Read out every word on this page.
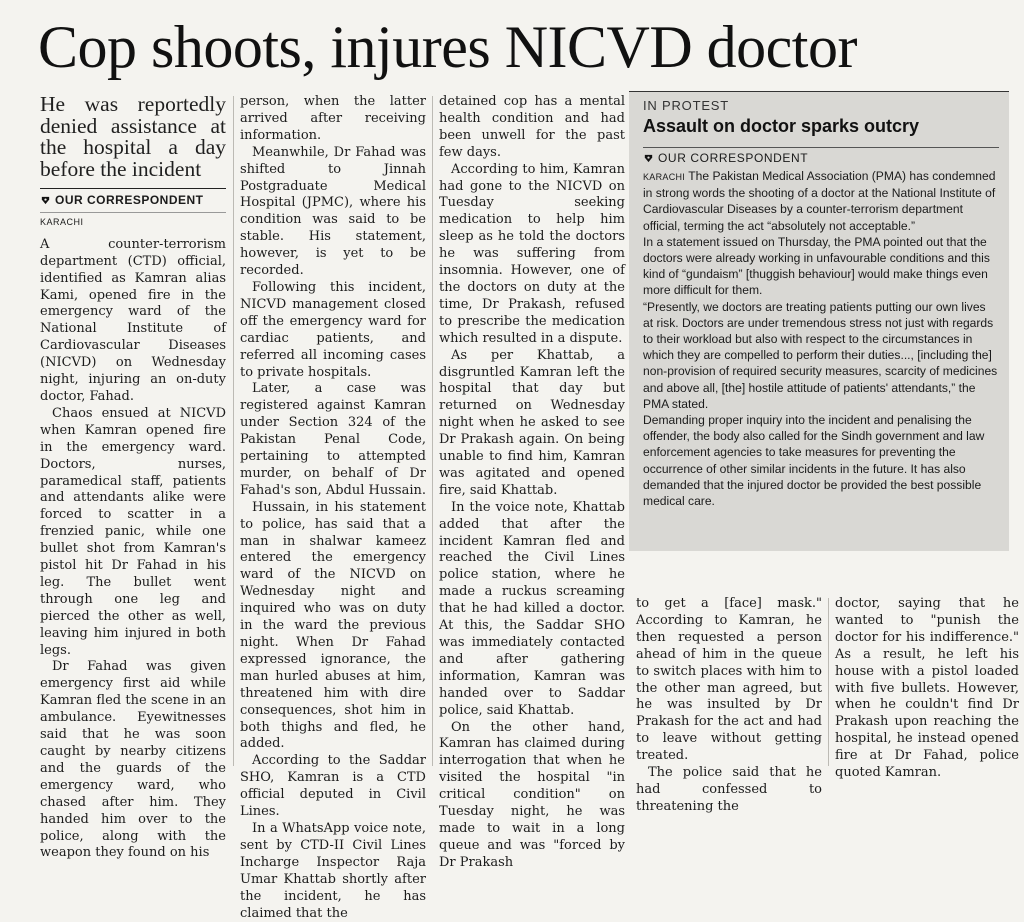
Cop shoots, injures NICVD doctor
He was reportedly denied assistance at the hospital a day before the incident
OUR CORRESPONDENT
KARACHI

A counter-terrorism department (CTD) official, identified as Kamran alias Kami, opened fire in the emergency ward of the National Institute of Cardiovascular Diseases (NICVD) on Wednesday night, injuring an on-duty doctor, Fahad.

Chaos ensued at NICVD when Kamran opened fire in the emergency ward. Doctors, nurses, paramedical staff, patients and attendants alike were forced to scatter in a frenzied panic, while one bullet shot from Kamran's pistol hit Dr Fahad in his leg. The bullet went through one leg and pierced the other as well, leaving him injured in both legs.

Dr Fahad was given emergency first aid while Kamran fled the scene in an ambulance. Eyewitnesses said that he was soon caught by nearby citizens and the guards of the emergency ward, who chased after him. They handed him over to the police, along with the weapon they found on his

person, when the latter arrived after receiving information.

Meanwhile, Dr Fahad was shifted to Jinnah Postgraduate Medical Hospital (JPMC), where his condition was said to be stable. His statement, however, is yet to be recorded.

Following this incident, NICVD management closed off the emergency ward for cardiac patients, and referred all incoming cases to private hospitals.

Later, a case was registered against Kamran under Section 324 of the Pakistan Penal Code, pertaining to attempted murder, on behalf of Dr Fahad's son, Abdul Hussain.

Hussain, in his statement to police, has said that a man in shalwar kameez entered the emergency ward of the NICVD on Wednesday night and inquired who was on duty in the ward the previous night. When Dr Fahad expressed ignorance, the man hurled abuses at him, threatened him with dire consequences, shot him in both thighs and fled, he added.

According to the Saddar SHO, Kamran is a CTD official deputed in Civil Lines.

In a WhatsApp voice note, sent by CTD-II Civil Lines Incharge Inspector Raja Umar Khattab shortly after the incident, he has claimed that the

detained cop has a mental health condition and had been unwell for the past few days.

According to him, Kamran had gone to the NICVD on Tuesday seeking medication to help him sleep as he told the doctors he was suffering from insomnia. However, one of the doctors on duty at the time, Dr Prakash, refused to prescribe the medication which resulted in a dispute.

As per Khattab, a disgruntled Kamran left the hospital that day but returned on Wednesday night when he asked to see Dr Prakash again. On being unable to find him, Kamran was agitated and opened fire, said Khattab.

In the voice note, Khattab added that after the incident Kamran fled and reached the Civil Lines police station, where he made a ruckus screaming that he had killed a doctor. At this, the Saddar SHO was immediately contacted and after gathering information, Kamran was handed over to Saddar police, said Khattab.

On the other hand, Kamran has claimed during interrogation that when he visited the hospital "in critical condition" on Tuesday night, he was made to wait in a long queue and was "forced by Dr Prakash

IN PROTEST
Assault on doctor sparks outcry
OUR CORRESPONDENT

KARACHI The Pakistan Medical Association (PMA) has condemned in strong words the shooting of a doctor at the National Institute of Cardiovascular Diseases by a counter-terrorism department official, terming the act “absolutely not acceptable.”

In a statement issued on Thursday, the PMA pointed out that the doctors were already working in unfavourable conditions and this kind of “gundaism” [thuggish behaviour] would make things even more difficult for them.

“Presently, we doctors are treating patients putting our own lives at risk. Doctors are under tremendous stress not just with regards to their workload but also with respect to the circumstances in which they are compelled to perform their duties..., [including the] non-provision of required security measures, scarcity of medicines and above all, [the] hostile attitude of patients' attendants,” the PMA stated.

Demanding proper inquiry into the incident and penalising the offender, the body also called for the Sindh government and law enforcement agencies to take measures for preventing the occurrence of other similar incidents in the future. It has also demanded that the injured doctor be provided the best possible medical care.

to get a [face] mask." According to Kamran, he then requested a person ahead of him in the queue to switch places with him to the other man agreed, but he was insulted by Dr Prakash for the act and had to leave without getting treated.

The police said that he had confessed to threatening the

doctor, saying that he wanted to "punish the doctor for his indifference." As a result, he left his house with a pistol loaded with five bullets. However, when he couldn't find Dr Prakash upon reaching the hospital, he instead opened fire at Dr Fahad, police quoted Kamran.
